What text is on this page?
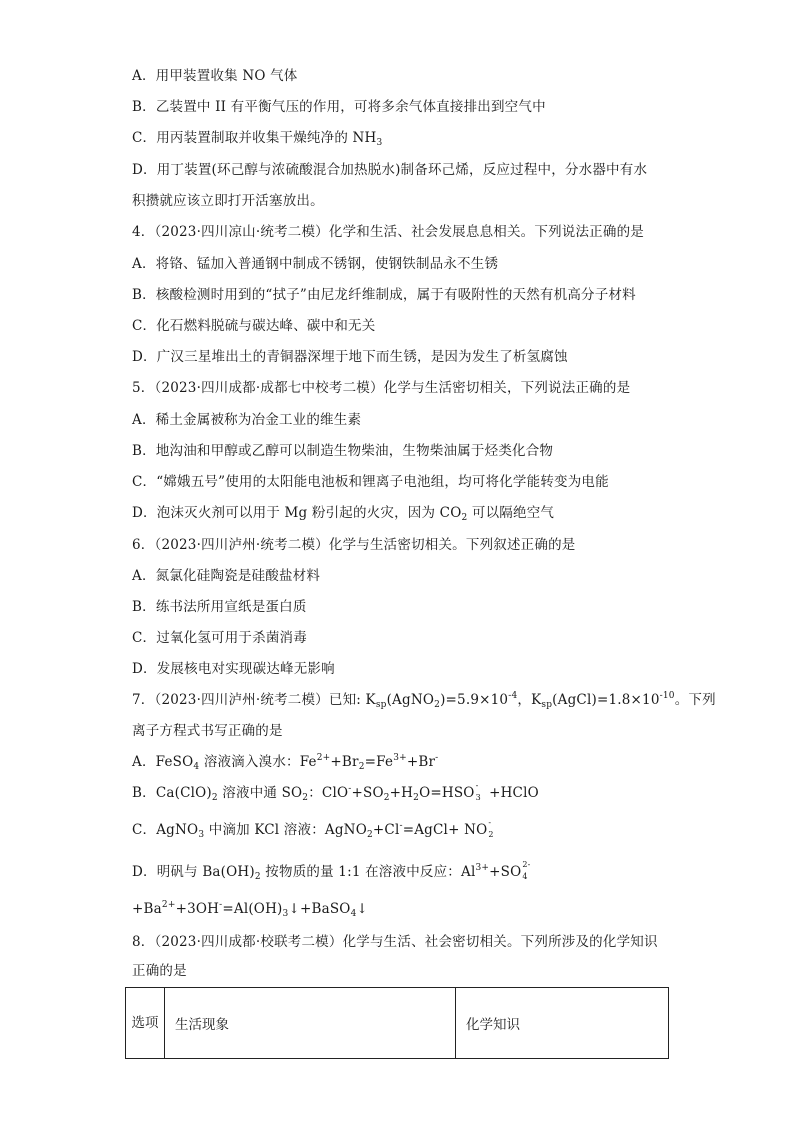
A．用甲装置收集 NO 气体
B．乙装置中 II 有平衡气压的作用，可将多余气体直接排出到空气中
C．用丙装置制取并收集干燥纯净的 $NH_3$
D．用丁装置(环己醇与浓硫酸混合加热脱水)制备环己烯，反应过程中，分水器中有水
积攒就应该立即打开活塞放出。
4．（2023·四川凉山·统考二模）化学和生活、社会发展息息相关。下列说法正确的是
A．将铬、锰加入普通钢中制成不锈钢，使钢铁制品永不生锈
B．核酸检测时用到的“拭子”由尼龙纤维制成，属于有吸附性的天然有机高分子材料
C．化石燃料脱硫与碳达峰、碳中和无关
D．广汉三星堆出土的青铜器深埋于地下而生锈，是因为发生了析氢腐蚀
5．（2023·四川成都·成都七中校考二模）化学与生活密切相关，下列说法正确的是
A．稀土金属被称为冶金工业的维生素
B．地沟油和甲醇或乙醇可以制造生物柴油，生物柴油属于烃类化合物
C．“嫦娥五号”使用的太阳能电池板和锂离子电池组，均可将化学能转变为电能
D．泡沫灭火剂可以用于 Mg 粉引起的火灾，因为 $CO_2$ 可以隔绝空气
6．（2023·四川泸州·统考二模）化学与生活密切相关。下列叙述正确的是
A．氮氯化硅陶瓷是硅酸盐材料
B．练书法所用宣纸是蛋白质
C．过氧化氢可用于杀菌消毒
D．发展核电对实现碳达峰无影响
7．（2023·四川泸州·统考二模）已知: $K_{sp}(AgNO_2)=5.9\times 10^{-4}$，$K_{sp}(AgCl)=1.8\times 10^{-10}$。下列
离子方程式书写正确的是
A．FeSO$_4$ 溶液滴入溴水：$Fe^{2+}+Br_2=Fe^{3+}+Br^-$
B．$Ca(ClO)_2$ 溶液中通 $SO_2$：$ClO^-+SO_2+H_2O=HSO$ -
3 +HClO
C．AgNO$_3$ 中滴加 KCl 溶液：AgNO$_2$+Cl-=AgCl+ NO -
2
D．明矾与 $Ba(OH)_2$ 按物质的量 1:1 在溶液中反应：$Al^{3+}+SO$ 2-
4
$+Ba^{2+}+3OH^-=Al(OH)_3↓+BaSO_4↓$
8．（2023·四川成都·校联考二模）化学与生活、社会密切相关。下列所涉及的化学知识
正确的是
选项	生活现象	化学知识
